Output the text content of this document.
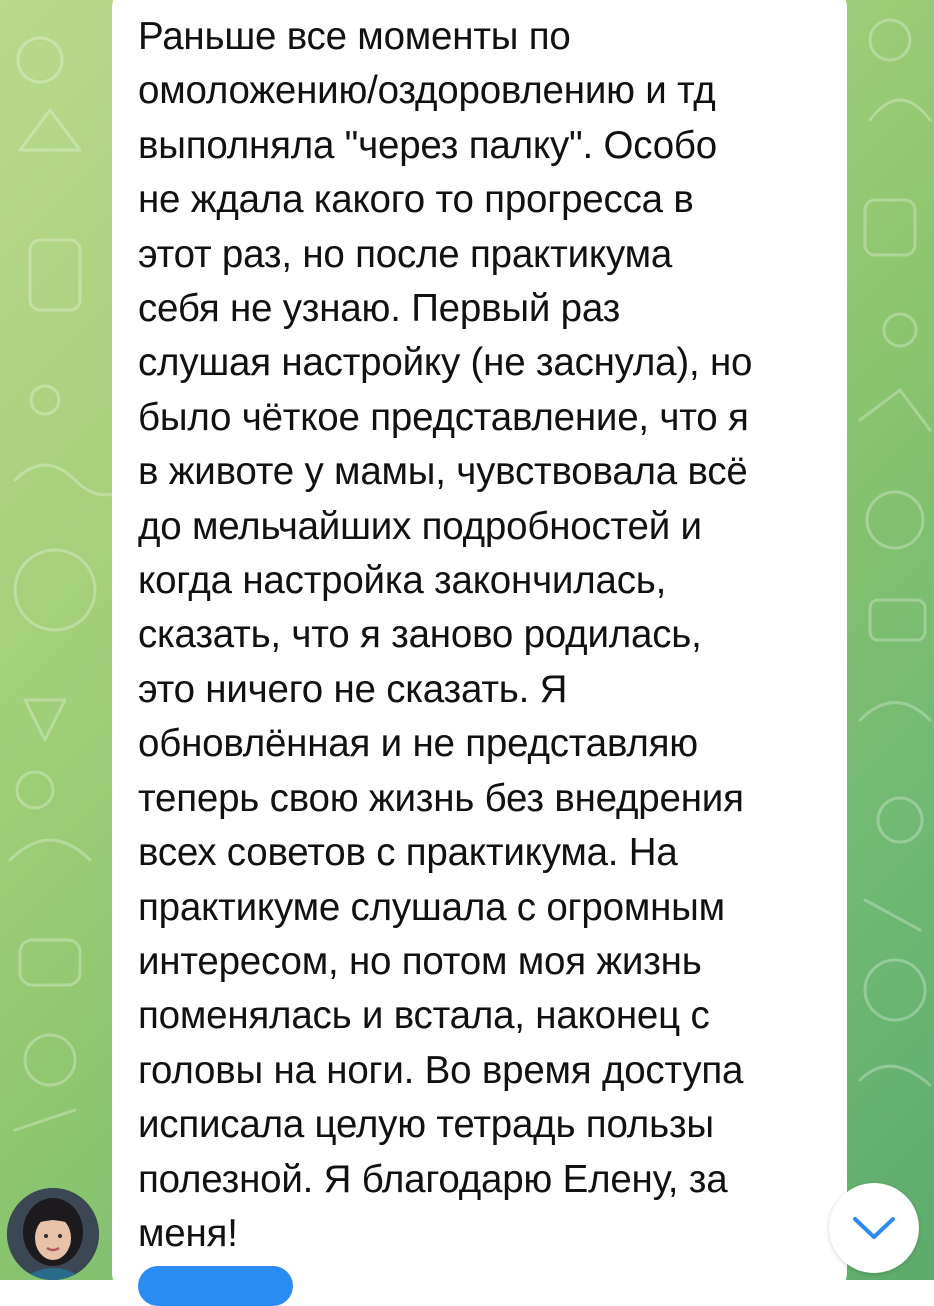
Раньше все моменты по
омоложению/оздоровлению и тд
выполняла "через палку". Особо
не ждала какого то прогресса в
этот раз, но после практикума
себя не узнаю. Первый раз
слушая настройку (не заснула), но
было чёткое представление, что я
в животе у мамы, чувствовала всё
до мельчайших подробностей и
когда настройка закончилась,
сказать, что я заново родилась,
это ничего не сказать. Я
обновлённая и не представляю
теперь свою жизнь без внедрения
всех советов с практикума. На
практикуме слушала с огромным
интересом, но потом моя жизнь
поменялась и встала, наконец с
головы на ноги. Во время доступа
исписала целую тетрадь пользы
полезной. Я благодарю Елену, за
меня!
